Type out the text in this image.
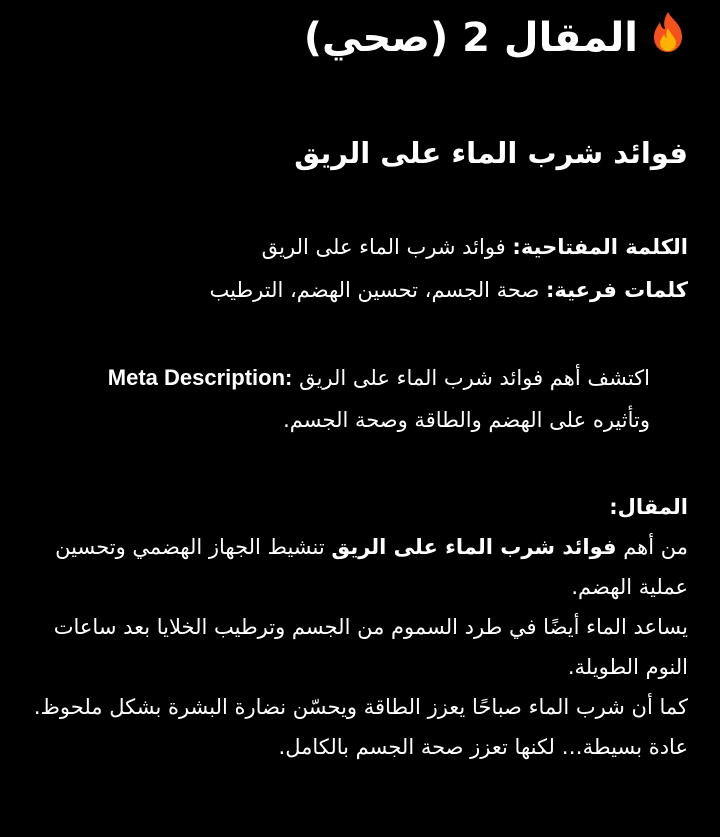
المقال 2 (صحي)
فوائد شرب الماء على الريق
الكلمة المفتاحية: فوائد شرب الماء على الريق
كلمات فرعية: صحة الجسم، تحسين الهضم، الترطيب
اكتشف أهم فوائد شرب الماء على الريق Meta Description:
وتأثيره على الهضم والطاقة وصحة الجسم.

المقال:

من أهم فوائد شرب الماء على الريق تنشيط الجهاز الهضمي وتحسين عملية الهضم.

يساعد الماء أيضًا في طرد السموم من الجسم وترطيب الخلايا بعد ساعات النوم الطويلة.

كما أن شرب الماء صباحًا يعزز الطاقة ويحسّن نضارة البشرة بشكل ملحوظ.

عادة بسيطة… لكنها تعزز صحة الجسم بالكامل.
